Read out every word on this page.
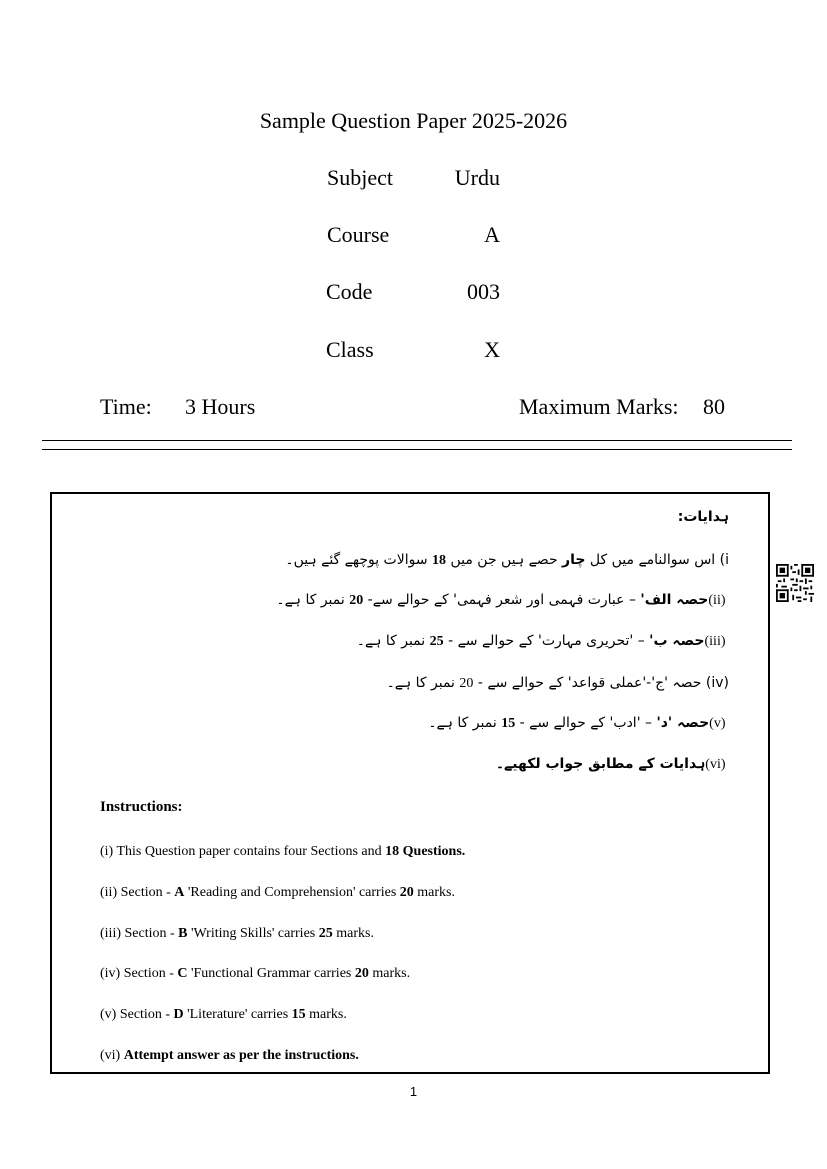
Sample Question Paper 2025-2026
Subject	Urdu
Course	A
Code	003
Class	X
Time: 3 Hours	Maximum Marks: 80
ہدایات:
i) اس سوالنامے میں کل چار حصے ہیں جن میں 18 سوالات پوچھے گئے ہیں۔
(ii) حصہ الف' – عبارت فہمی اور شعر فہمی' کے حوالے سے- 20 نمبر کا ہے۔
(iii) حصہ ب' – 'تحریری مہارت' کے حوالے سے - 25 نمبر کا ہے۔
(iv) حصہ 'ج'-'عملی قواعد' کے حوالے سے - 20 نمبر کا ہے۔
(v) حصہ 'د' – 'ادب' کے حوالے سے - 15 نمبر کا ہے۔
(vi) ہدایات کے مطابق جواب لکھیے۔
Instructions:
(i) This Question paper contains four Sections and 18 Questions.
(ii) Section - A 'Reading and Comprehension' carries 20 marks.
(iii) Section - B 'Writing Skills' carries 25 marks.
(iv) Section - C 'Functional Grammar carries 20 marks.
(v) Section - D 'Literature' carries 15 marks.
(vi) Attempt answer as per the instructions.
1
